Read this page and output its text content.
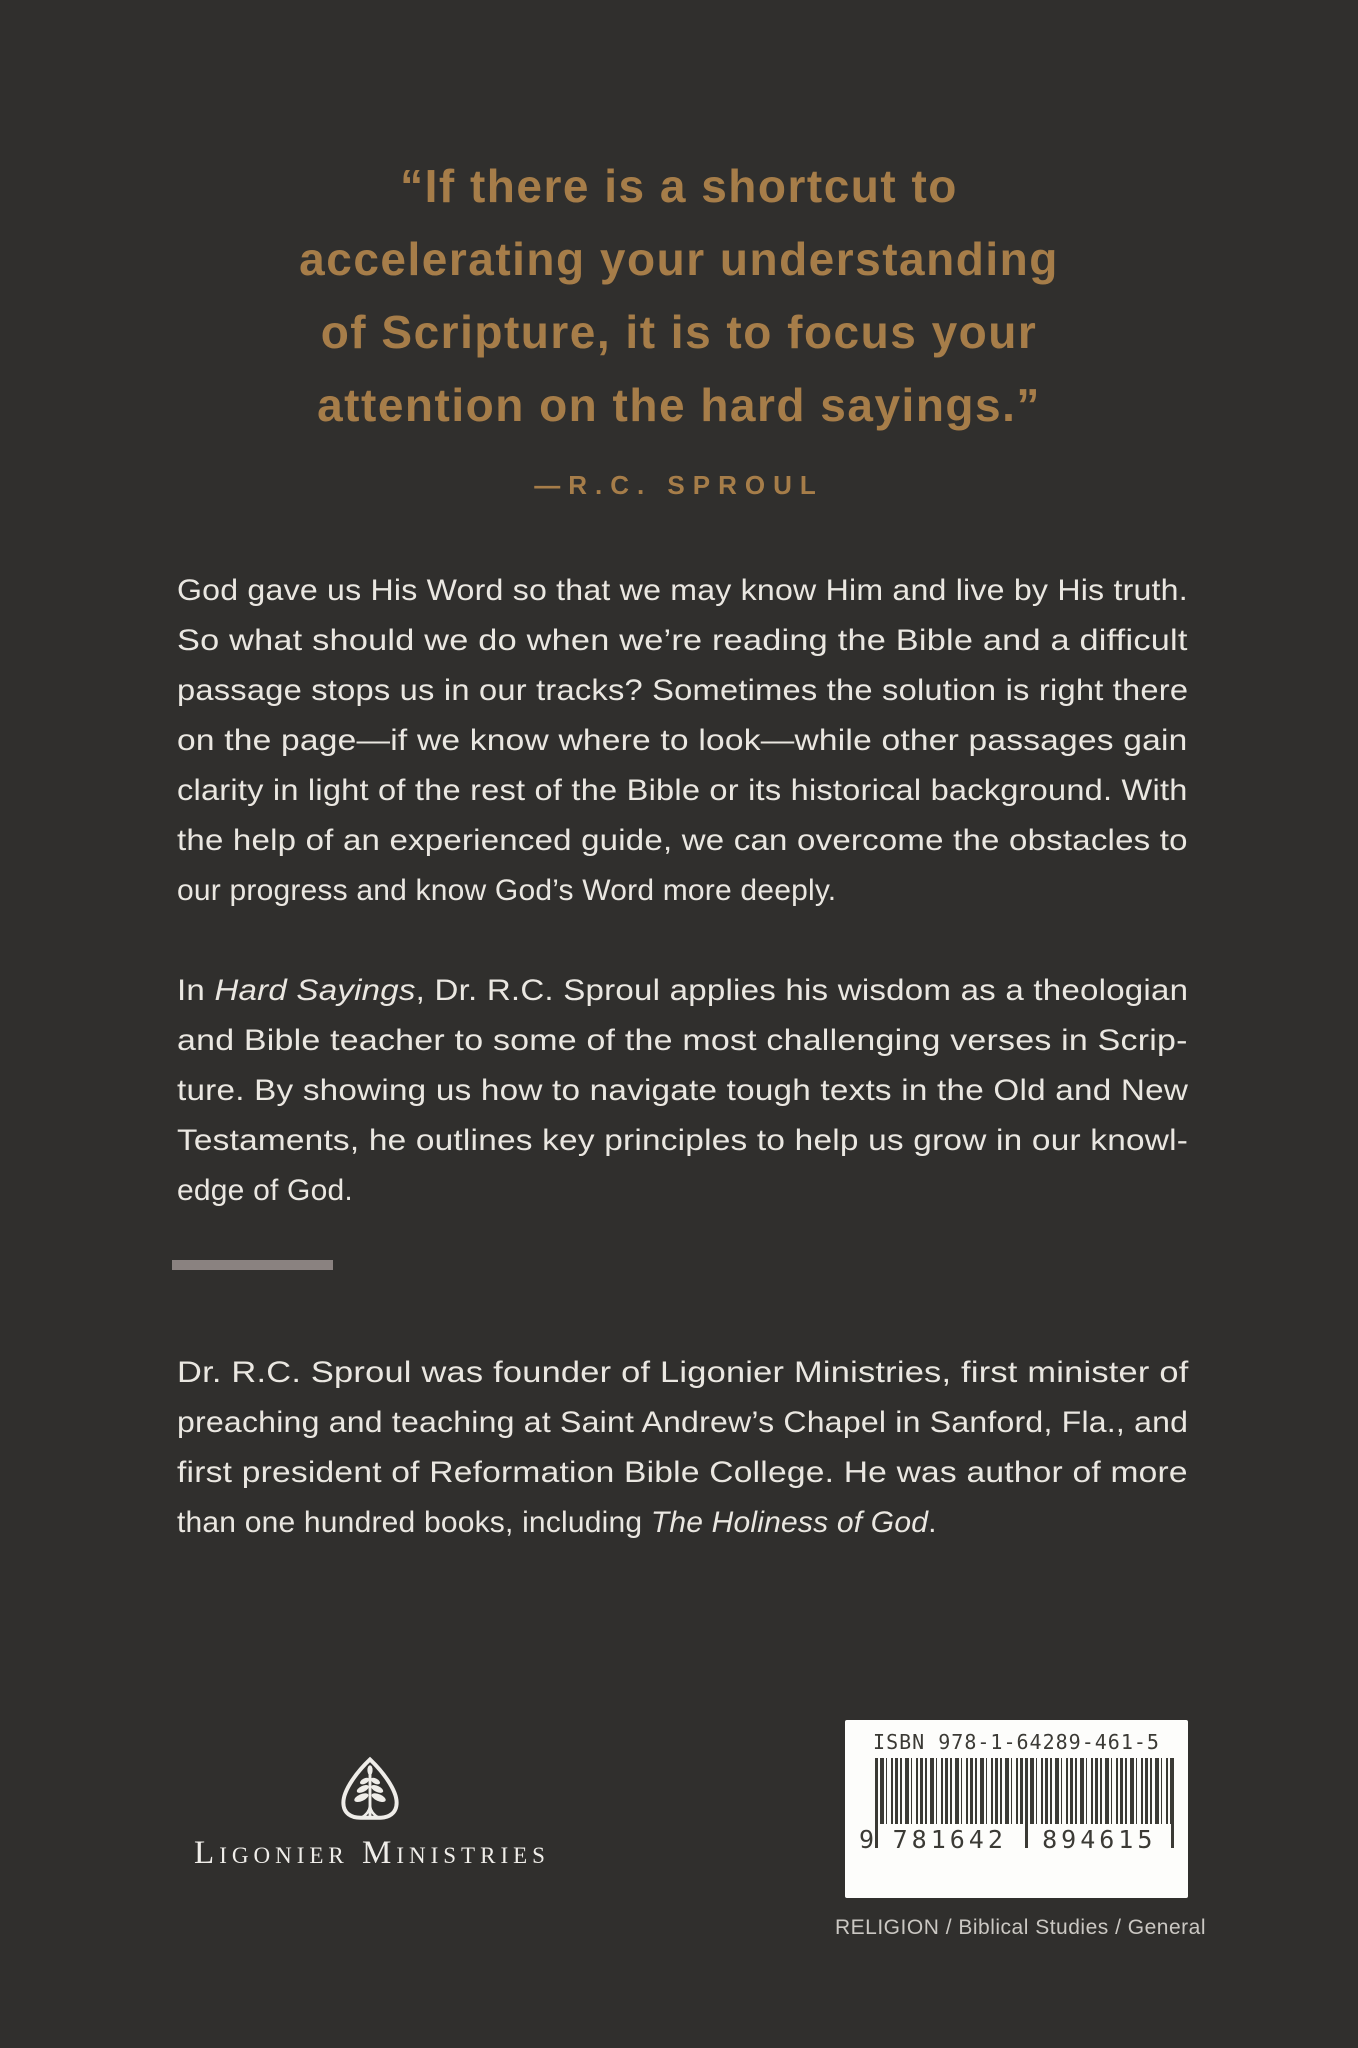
“If there is a shortcut to
accelerating your understanding
of Scripture, it is to focus your
attention on the hard sayings.”
—R.C. SPROUL
God gave us His Word so that we may know Him and live by His truth.
So what should we do when we’re reading the Bible and a difficult
passage stops us in our tracks? Sometimes the solution is right there
on the page—if we know where to look—while other passages gain
clarity in light of the rest of the Bible or its historical background. With
the help of an experienced guide, we can overcome the obstacles to
our progress and know God’s Word more deeply.
In Hard Sayings, Dr. R.C. Sproul applies his wisdom as a theologian
and Bible teacher to some of the most challenging verses in Scrip-
ture. By showing us how to navigate tough texts in the Old and New
Testaments, he outlines key principles to help us grow in our knowl-
edge of God.
Dr. R.C. Sproul was founder of Ligonier Ministries, first minister of
preaching and teaching at Saint Andrew’s Chapel in Sanford, Fla., and
first president of Reformation Bible College. He was author of more
than one hundred books, including The Holiness of God.
Ligonier Ministries
ISBN 978-1-64289-461-5
9 781642	894615
RELIGION / Biblical Studies / General
